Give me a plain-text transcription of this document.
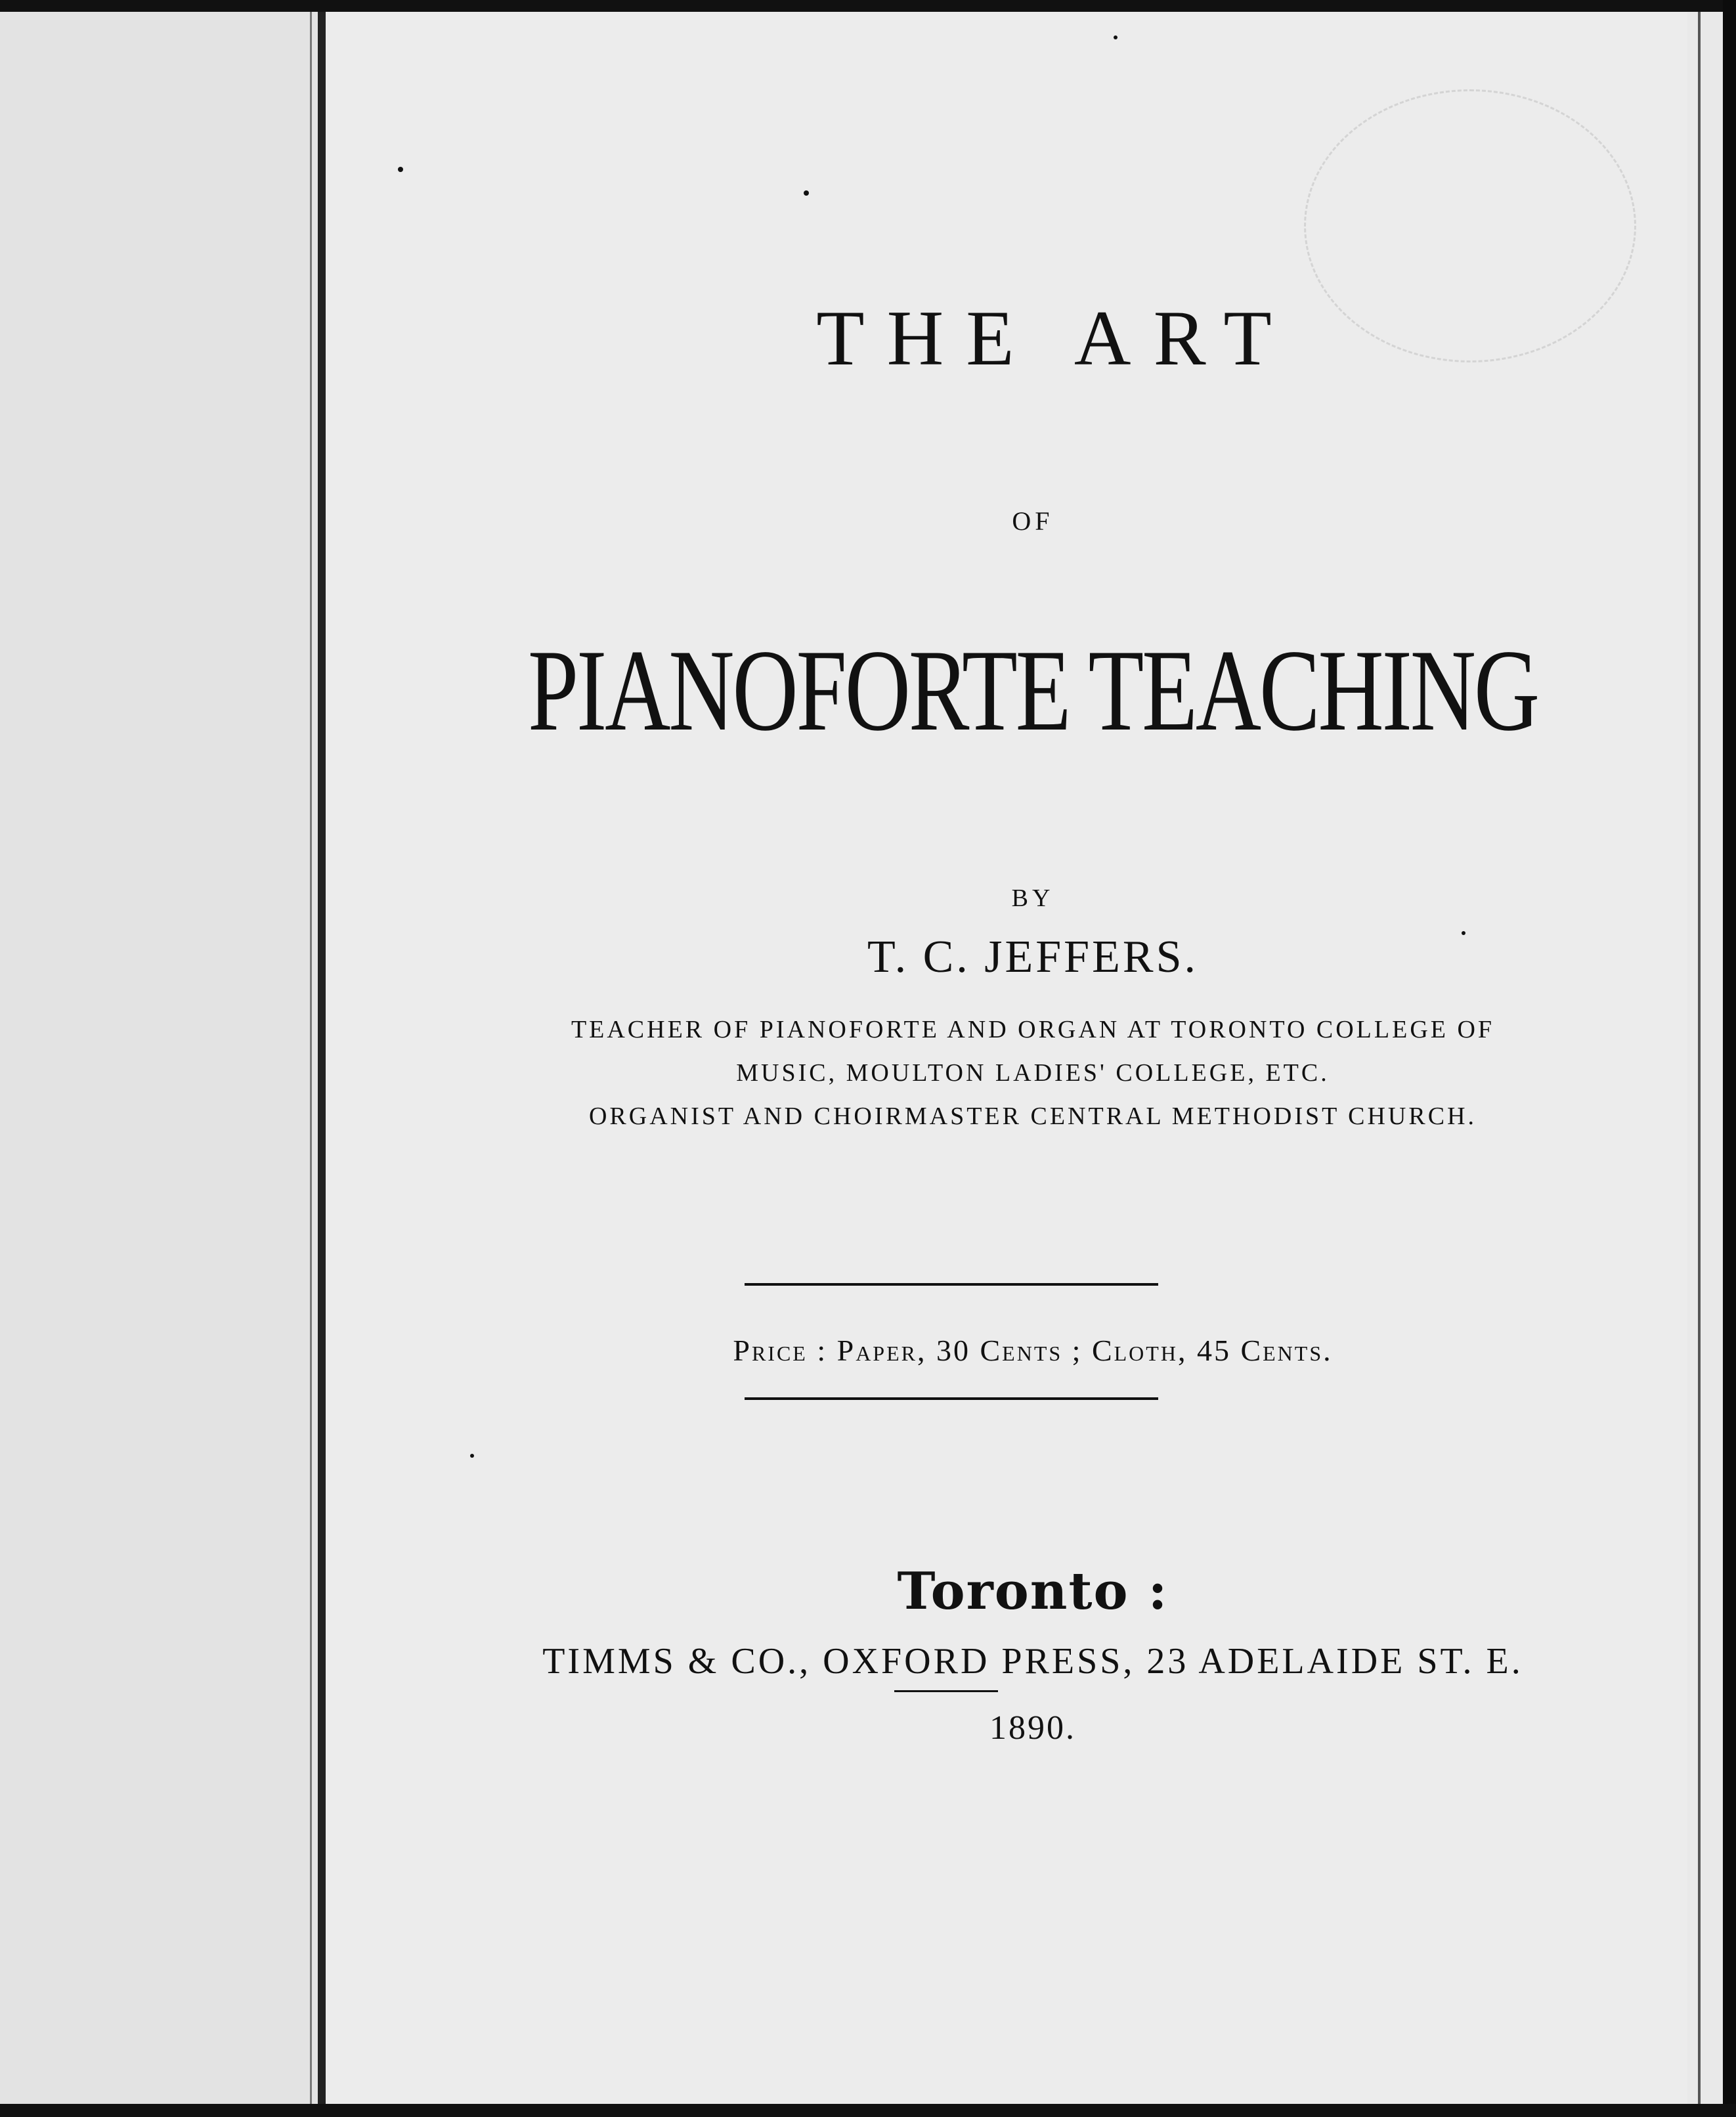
THE ART
OF
PIANOFORTE TEACHING
BY
T. C. JEFFERS.
TEACHER OF PIANOFORTE AND ORGAN AT TORONTO COLLEGE OF
MUSIC, MOULTON LADIES' COLLEGE, ETC.
ORGANIST AND CHOIRMASTER CENTRAL METHODIST CHURCH.
Price : Paper, 30 Cents ; Cloth, 45 Cents.
Toronto :
TIMMS & CO., OXFORD PRESS, 23 ADELAIDE ST. E.
1890.
